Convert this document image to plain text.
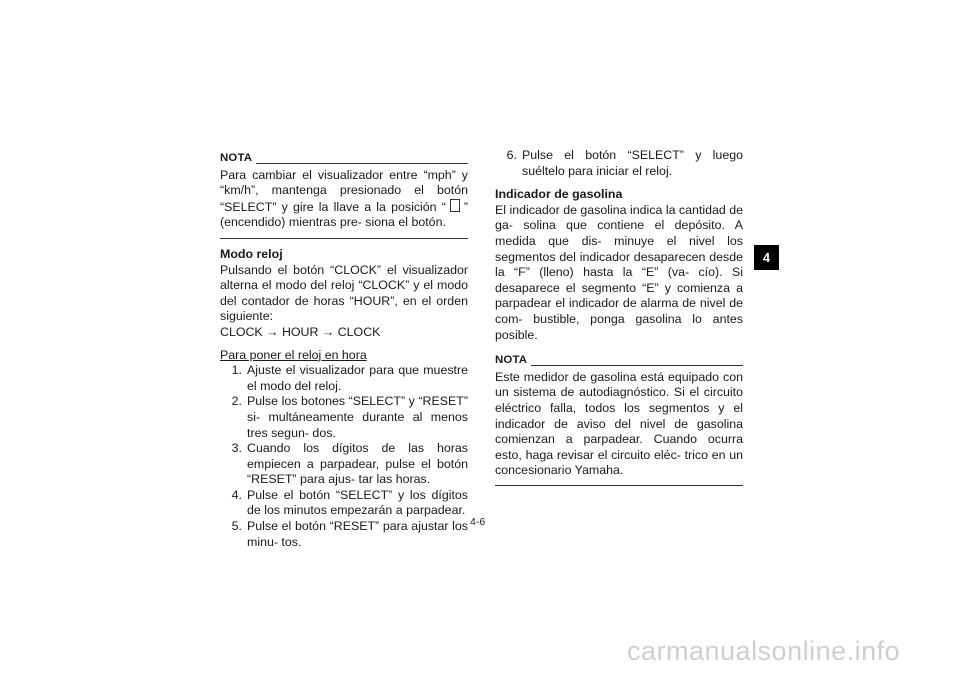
NOTA

Para cambiar el visualizador entre “mph” y “km/h”, mantenga presionado el botón “SELECT” y gire la llave a la posición “ ” (encendido) mientras pre- siona el botón.

Modo reloj

Pulsando el botón “CLOCK” el visualizador alterna el modo del reloj “CLOCK” y el modo del contador de horas “HOUR”, en el orden siguiente:

CLOCK → HOUR → CLOCK
Para poner el reloj en hora
1. Ajuste el visualizador para que muestre el modo del reloj.
2. Pulse los botones “SELECT” y “RESET” si- multáneamente durante al menos tres segun- dos.
3. Cuando los dígitos de las horas empiecen a parpadear, pulse el botón “RESET” para ajus- tar las horas.
4. Pulse el botón “SELECT” y los dígitos de los minutos empezarán a parpadear.
5. Pulse el botón “RESET” para ajustar los minu- tos.
6. Pulse el botón “SELECT” y luego suéltelo para iniciar el reloj.
Indicador de gasolina

El indicador de gasolina indica la cantidad de ga- solina que contiene el depósito. A medida que dis- minuye el nivel los segmentos del indicador desaparecen desde la “F” (lleno) hasta la “E” (va- cío). Si desaparece el segmento “E” y comienza a parpadear el indicador de alarma de nivel de com- bustible, ponga gasolina lo antes posible.

NOTA

Este medidor de gasolina está equipado con un sistema de autodiagnóstico. Si el circuito eléctrico falla, todos los segmentos y el indicador de aviso del nivel de gasolina comienzan a parpadear. Cuando ocurra esto, haga revisar el circuito eléc- trico en un concesionario Yamaha.

4
4-6
carmanualsonline.info
